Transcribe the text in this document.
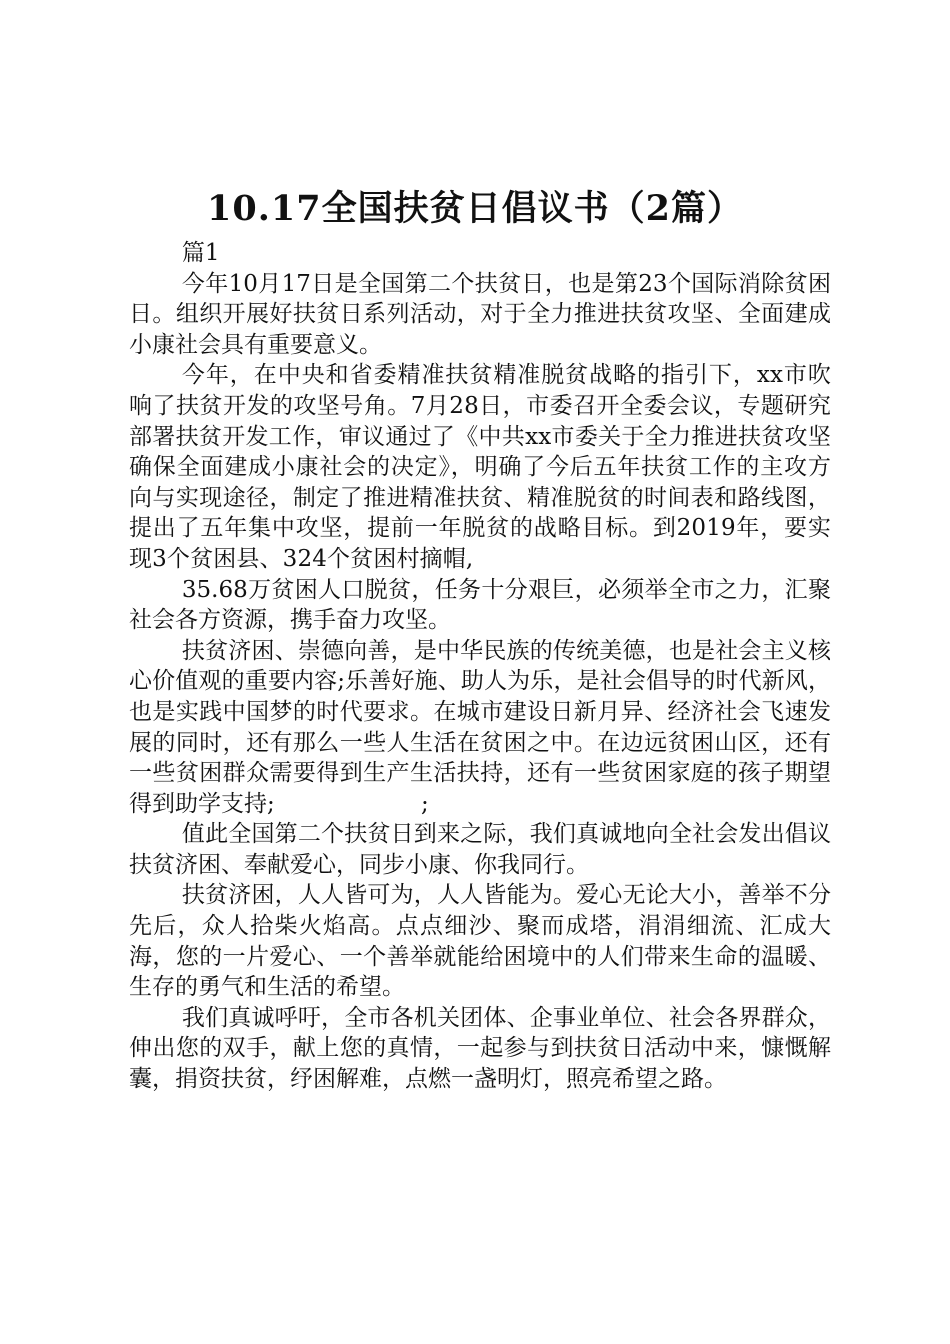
10.17全国扶贫日倡议书（2篇）

篇1

今年10月17日是全国第二个扶贫日，也是第23个国际消除贫困日。组织开展好扶贫日系列活动，对于全力推进扶贫攻坚、全面建成小康社会具有重要意义。

今年，在中央和省委精准扶贫精准脱贫战略的指引下，xx市吹响了扶贫开发的攻坚号角。7月28日，市委召开全委会议，专题研究部署扶贫开发工作，审议通过了《中共xx市委关于全力推进扶贫攻坚确保全面建成小康社会的决定》，明确了今后五年扶贫工作的主攻方向与实现途径，制定了推进精准扶贫、精准脱贫的时间表和路线图，提出了五年集中攻坚，提前一年脱贫的战略目标。到2019年，要实现3个贫困县、324个贫困村摘帽,

35.68万贫困人口脱贫，任务十分艰巨，必须举全市之力，汇聚社会各方资源，携手奋力攻坚。

扶贫济困、崇德向善，是中华民族的传统美德，也是社会主义核心价值观的重要内容;乐善好施、助人为乐，是社会倡导的时代新风，也是实践中国梦的时代要求。在城市建设日新月异、经济社会飞速发展的同时，还有那么一些人生活在贫困之中。在边远贫困山区，还有一些贫困群众需要得到生产生活扶持，还有一些贫困家庭的孩子期望得到助学支持;                    ;

值此全国第二个扶贫日到来之际，我们真诚地向全社会发出倡议扶贫济困、奉献爱心，同步小康、你我同行。

扶贫济困，人人皆可为，人人皆能为。爱心无论大小，善举不分先后，众人拾柴火焰高。点点细沙、聚而成塔，涓涓细流、汇成大海，您的一片爱心、一个善举就能给困境中的人们带来生命的温暖、生存的勇气和生活的希望。

我们真诚呼吁，全市各机关团体、企事业单位、社会各界群众，伸出您的双手，献上您的真情，一起参与到扶贫日活动中来，慷慨解囊，捐资扶贫，纾困解难，点燃一盏明灯，照亮希望之路。
